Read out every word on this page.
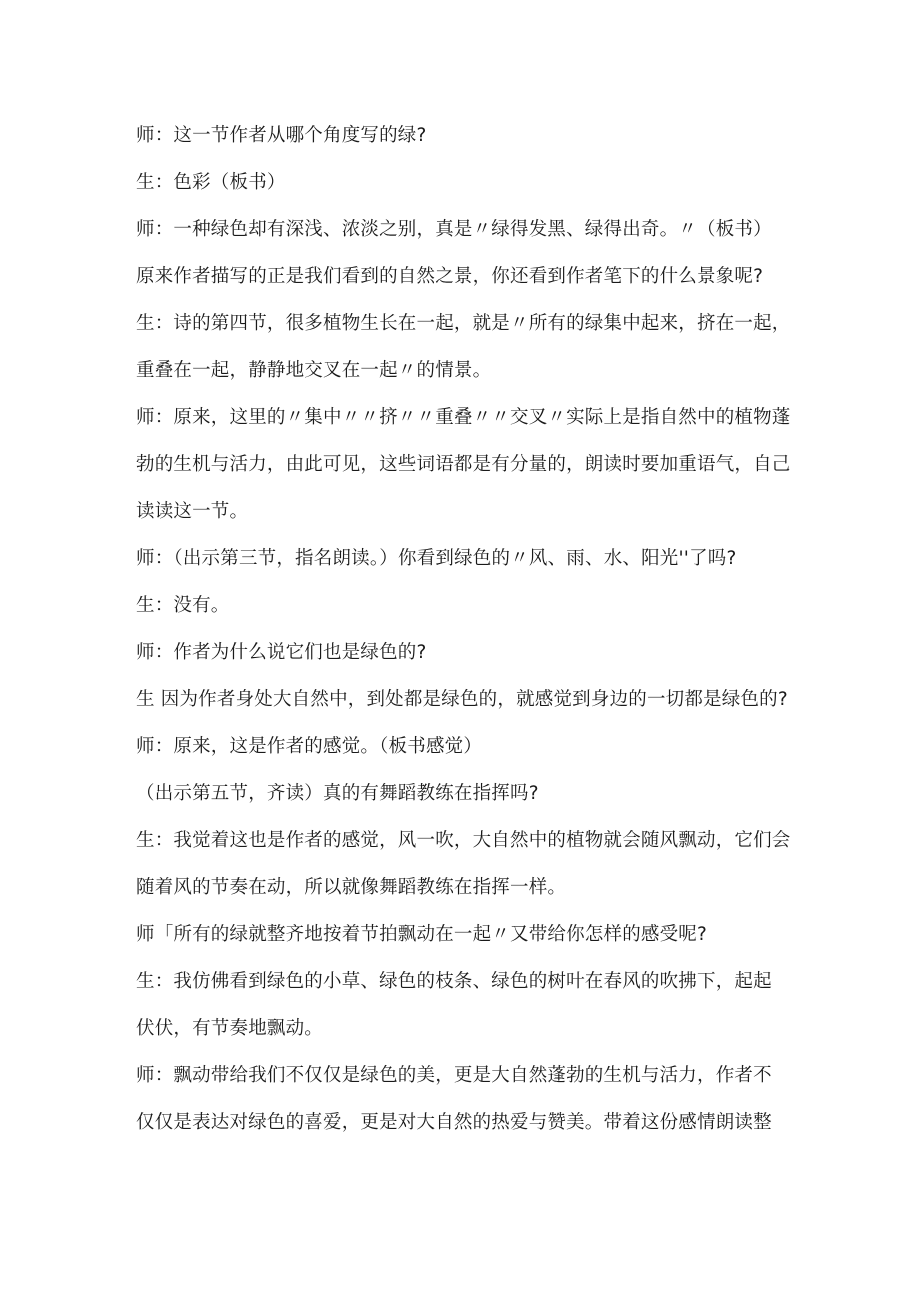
师：这一节作者从哪个角度写的绿?
生：色彩（板书）
师：一种绿色却有深浅、浓淡之别，真是〃绿得发黑、绿得出奇。〃（板书）
原来作者描写的正是我们看到的自然之景，你还看到作者笔下的什么景象呢?
生：诗的第四节，很多植物生长在一起，就是〃所有的绿集中起来，挤在一起，
重叠在一起，静静地交叉在一起〃的情景。
师：原来，这里的〃集中〃〃挤〃〃重叠〃〃交叉〃实际上是指自然中的植物蓬
勃的生机与活力，由此可见，这些词语都是有分量的，朗读时要加重语气，自己
读读这一节。
师：（出示第三节，指名朗读。）你看到绿色的〃风、雨、水、阳光''了吗?
生：没有。
师：作者为什么说它们也是绿色的?
生 因为作者身处大自然中，到处都是绿色的，就感觉到身边的一切都是绿色的?
师：原来，这是作者的感觉。（板书感觉）
（出示第五节，齐读）真的有舞蹈教练在指挥吗?
生：我觉着这也是作者的感觉，风一吹，大自然中的植物就会随风飘动，它们会
随着风的节奏在动，所以就像舞蹈教练在指挥一样。
师「所有的绿就整齐地按着节拍飘动在一起〃又带给你怎样的感受呢?
生：我仿佛看到绿色的小草、绿色的枝条、绿色的树叶在春风的吹拂下，起起
伏伏，有节奏地飘动。
师：飘动带给我们不仅仅是绿色的美，更是大自然蓬勃的生机与活力，作者不
仅仅是表达对绿色的喜爱，更是对大自然的热爱与赞美。带着这份感情朗读整
